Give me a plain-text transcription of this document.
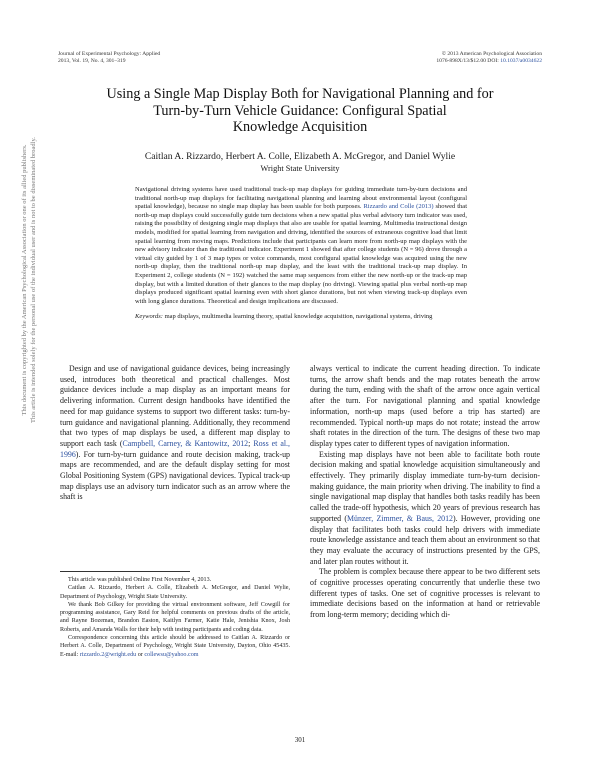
Journal of Experimental Psychology: Applied
2013, Vol. 19, No. 4, 301–319
© 2013 American Psychological Association
1076-898X/13/$12.00 DOI: 10.1037/a0034622
Using a Single Map Display Both for Navigational Planning and for
Turn-by-Turn Vehicle Guidance: Configural Spatial
Knowledge Acquisition
Caitlan A. Rizzardo, Herbert A. Colle, Elizabeth A. McGregor, and Daniel Wylie
Wright State University
Navigational driving systems have used traditional track-up map displays for guiding immediate turn-by-turn decisions and traditional north-up map displays for facilitating navigational planning and learning about environmental layout (configural spatial knowledge), because no single map display has been usable for both purposes. Rizzardo and Colle (2013) showed that north-up map displays could successfully guide turn decisions when a new spatial plus verbal advisory turn indicator was used, raising the possibility of designing single map displays that also are usable for spatial learning. Multimedia instructional design models, modified for spatial learning from navigation and driving, identified the sources of extraneous cognitive load that limit spatial learning from moving maps. Predictions include that participants can learn more from north-up map displays with the new advisory indicator than the traditional indicator. Experiment 1 showed that after college students (N = 96) drove through a virtual city guided by 1 of 3 map types or voice commands, most configural spatial knowledge was acquired using the new north-up display, then the traditional north-up map display, and the least with the traditional track-up map display. In Experiment 2, college students (N = 192) watched the same map sequences from either the new north-up or the track-up map display, but with a limited duration of their glances to the map display (no driving). Viewing spatial plus verbal north-up map displays produced significant spatial learning even with short glance durations, but not when viewing track-up displays even with long glance durations. Theoretical and design implications are discussed.
Keywords: map displays, multimedia learning theory, spatial knowledge acquisition, navigational systems, driving
This document is copyrighted by the American Psychological Association or one of its allied publishers. This article is intended solely for the personal use of the individual user and is not to be disseminated broadly.	Design and use of navigational guidance devices, being increasingly used, introduces both theoretical and practical challenges. Most guidance devices include a map display as an important means for delivering information. Current design handbooks have identified the need for map guidance systems to support two different tasks: turn-by-turn guidance and navigational planning. Additionally, they recommend that two types of map displays be used, a different map display to support each task (Campbell, Carney, & Kantowitz, 2012; Ross et al., 1996). For turn-by-turn guidance and route decision making, track-up maps are recommended, and are the default display setting for most Global Positioning System (GPS) navigational devices. Typical track-up map displays use an advisory turn indicator such as an arrow where the shaft is

This article was published Online First November 4, 2013.

Caitlan A. Rizzardo, Herbert A. Colle, Elizabeth A. McGregor, and Daniel Wylie, Department of Psychology, Wright State University.

We thank Bob Gilkey for providing the virtual environment software, Jeff Cowgill for programming assistance, Gary Reid for helpful comments on previous drafts of the article, and Rayne Bozeman, Brandon Easton, Kaitlyn Farmer, Katie Hale, Jenishia Knox, Josh Roberts, and Amanda Walls for their help with testing participants and coding data.

Correspondence concerning this article should be addressed to Caitlan A. Rizzardo or Herbert A. Colle, Department of Psychology, Wright State University, Dayton, Ohio 45435. E-mail: rizzardo.2@wright.edu or collewsu@yahoo.com

always vertical to indicate the current heading direction. To indicate turns, the arrow shaft bends and the map rotates beneath the arrow during the turn, ending with the shaft of the arrow once again vertical after the turn. For navigational planning and spatial knowledge information, north-up maps (used before a trip has started) are recommended. Typical north-up maps do not rotate; instead the arrow shaft rotates in the direction of the turn. The designs of these two map display types cater to different types of navigation information.

Existing map displays have not been able to facilitate both route decision making and spatial knowledge acquisition simultaneously and effectively. They primarily display immediate turn-by-turn decision-making guidance, the main priority when driving. The inability to find a single navigational map display that handles both tasks readily has been called the trade-off hypothesis, which 20 years of previous research has supported (Münzer, Zimmer, & Baus, 2012). However, providing one display that facilitates both tasks could help drivers with immediate route knowledge assistance and teach them about an environment so that they may evaluate the accuracy of instructions presented by the GPS, and later plan routes without it.

The problem is complex because there appear to be two different sets of cognitive processes operating concurrently that underlie these two different types of tasks. One set of cognitive processes is relevant to immediate decisions based on the information at hand or retrievable from long-term memory; deciding which di-

301
